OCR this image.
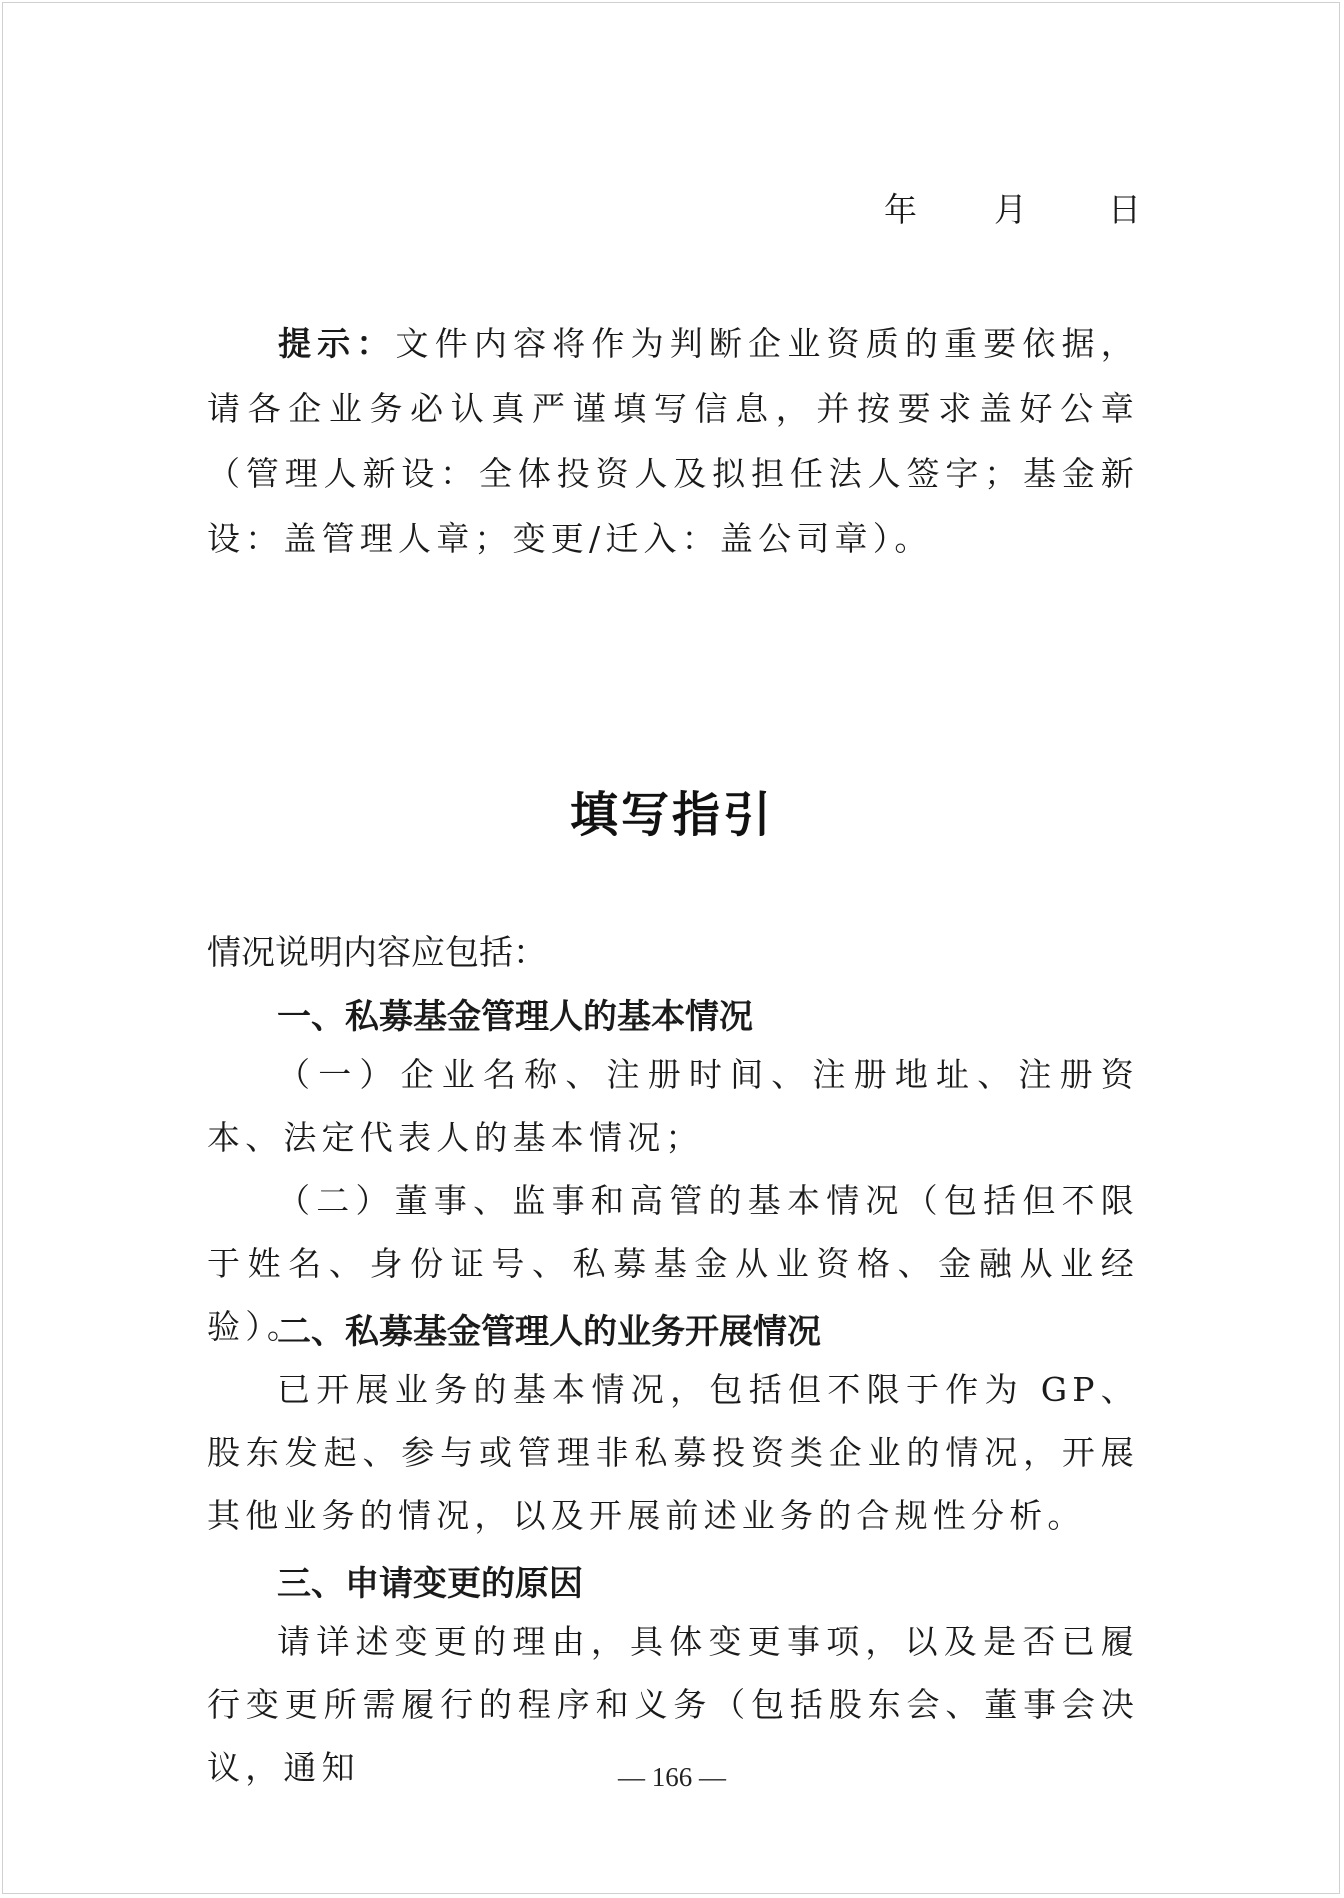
年 月 日
提示：文件内容将作为判断企业资质的重要依据，请各企业务必认真严谨填写信息，并按要求盖好公章（管理人新设：全体投资人及拟担任法人签字；基金新设：盖管理人章；变更/迁入：盖公司章）。
填写指引
情况说明内容应包括：
一、私募基金管理人的基本情况
（一）企业名称、注册时间、注册地址、注册资本、法定代表人的基本情况；
（二）董事、监事和高管的基本情况（包括但不限于姓名、身份证号、私募基金从业资格、金融从业经验）。
二、私募基金管理人的业务开展情况
已开展业务的基本情况，包括但不限于作为 GP、股东发起、参与或管理非私募投资类企业的情况，开展其他业务的情况，以及开展前述业务的合规性分析。
三、申请变更的原因
请详述变更的理由，具体变更事项，以及是否已履行变更所需履行的程序和义务（包括股东会、董事会决议，通知	— 166 —
